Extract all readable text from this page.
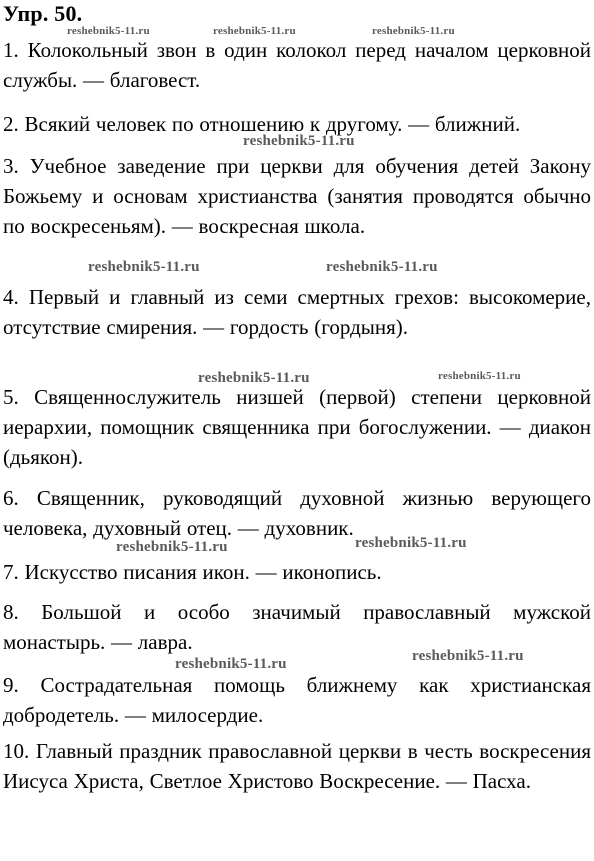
Упр. 50.
reshebnik5-11.ru	reshebnik5-11.ru	reshebnik5-11.ru
reshebnik5-11.ru
reshebnik5-11.ru	reshebnik5-11.ru
reshebnik5-11.ru	reshebnik5-11.ru
reshebnik5-11.ru	reshebnik5-11.ru
reshebnik5-11.ru	reshebnik5-11.ru
1. Колокольный звон в один колокол перед началом церковной службы. — благовест.
2. Всякий человек по отношению к другому. — ближний.
3. Учебное заведение при церкви для обучения детей Закону Божьему и основам христианства (занятия проводятся обычно по воскресеньям). — воскресная школа.
4. Первый и главный из семи смертных грехов: высокомерие, отсутствие смирения. — гордость (гордыня).
5. Священнослужитель низшей (первой) степени церковной иерархии, помощник священника при богослужении. — диакон (дьякон).
6. Священник, руководящий духовной жизнью верующего человека, духовный отец. — духовник.
7. Искусство писания икон. — иконопись.
8. Большой и особо значимый православный мужской монастырь. — лавра.
9. Сострадательная помощь ближнему как христианская добродетель. — милосердие.
10. Главный праздник православной церкви в честь воскресения Иисуса Христа, Светлое Христово Воскресение. — Пасха.
